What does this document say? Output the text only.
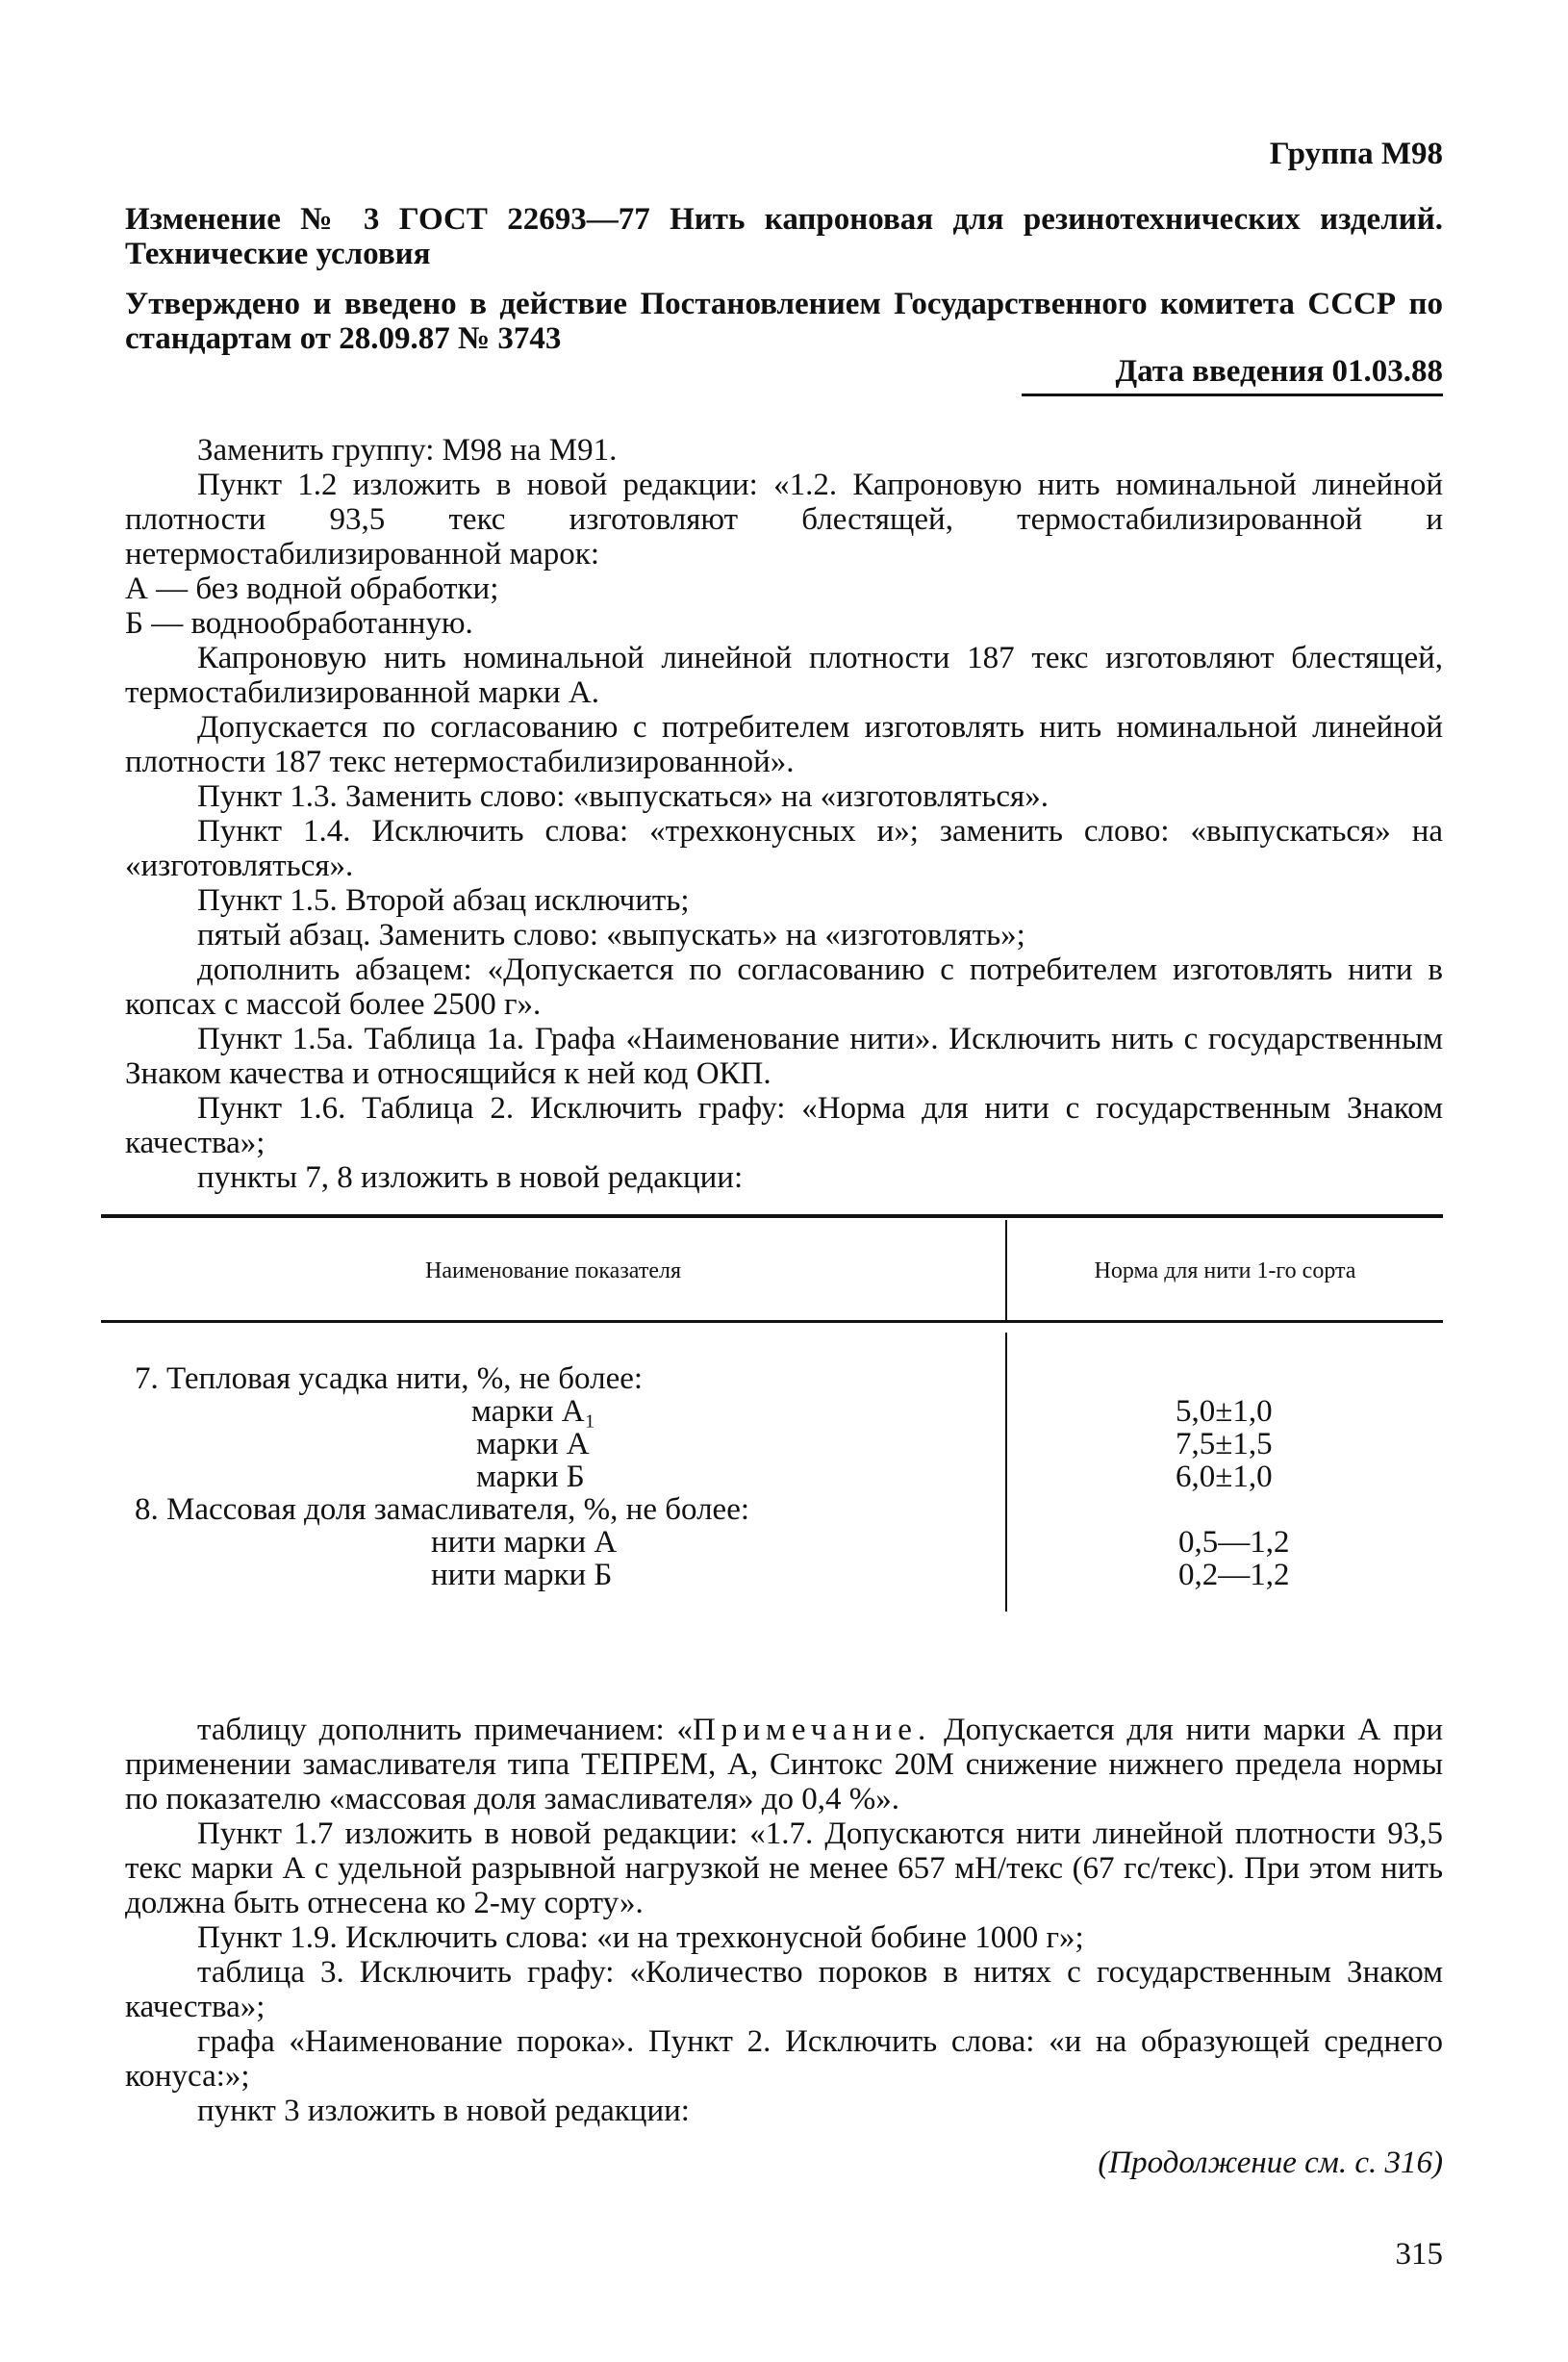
Группа М98

Изменение № 3 ГОСТ 22693—77 Нить капроновая для резинотехнических изделий. Технические условия

Утверждено и введено в действие Постановлением Государственного комитета СССР по стандартам от 28.09.87 № 3743

Дата введения 01.03.88

Заменить группу: М98 на М91.

Пункт 1.2 изложить в новой редакции: «1.2. Капроновую нить номинальной линейной плотности 93,5 текс изготовляют блестящей, термостабилизированной и нетермостабилизированной марок:

А — без водной обработки;

Б — воднообработанную.

Капроновую нить номинальной линейной плотности 187 текс изготовляют блестящей, термостабилизированной марки А.

Допускается по согласованию с потребителем изготовлять нить номинальной линейной плотности 187 текс нетермостабилизированной».

Пункт 1.3. Заменить слово: «выпускаться» на «изготовляться».

Пункт 1.4. Исключить слова: «трехконусных и»; заменить слово: «выпускаться» на «изготовляться».

Пункт 1.5. Второй абзац исключить;

пятый абзац. Заменить слово: «выпускать» на «изготовлять»;

дополнить абзацем: «Допускается по согласованию с потребителем изготовлять нити в копсах с массой более 2500 г».

Пункт 1.5а. Таблица 1а. Графа «Наименование нити». Исключить нить с государственным Знаком качества и относящийся к ней код ОКП.

Пункт 1.6. Таблица 2. Исключить графу: «Норма для нити с государственным Знаком качества»;

пункты 7, 8 изложить в новой редакции:

Наименование показателя	Норма для нити 1-го сорта
7. Тепловая усадка нити, %, не более:
марки А₁
марки А
марки Б
8. Массовая доля замасливателя, %, не более:
нити марки А
нити марки Б
5,0±1,0
7,5±1,5
6,0±1,0
0,5—1,2
0,2—1,2

таблицу дополнить примечанием: «Примечание. Допускается для нити марки А при применении замасливателя типа ТЕПРЕМ, А, Синтокс 20М снижение нижнего предела нормы по показателю «массовая доля замасливателя» до 0,4 %».

Пункт 1.7 изложить в новой редакции: «1.7. Допускаются нити линейной плотности 93,5 текс марки А с удельной разрывной нагрузкой не менее 657 мН/текс (67 гс/текс). При этом нить должна быть отнесена ко 2-му сорту».

Пункт 1.9. Исключить слова: «и на трехконусной бобине 1000 г»;

таблица 3. Исключить графу: «Количество пороков в нитях с государственным Знаком качества»;

графа «Наименование порока». Пункт 2. Исключить слова: «и на образующей среднего конуса:»;

пункт 3 изложить в новой редакции:

(Продолжение см. с. 316)
315
